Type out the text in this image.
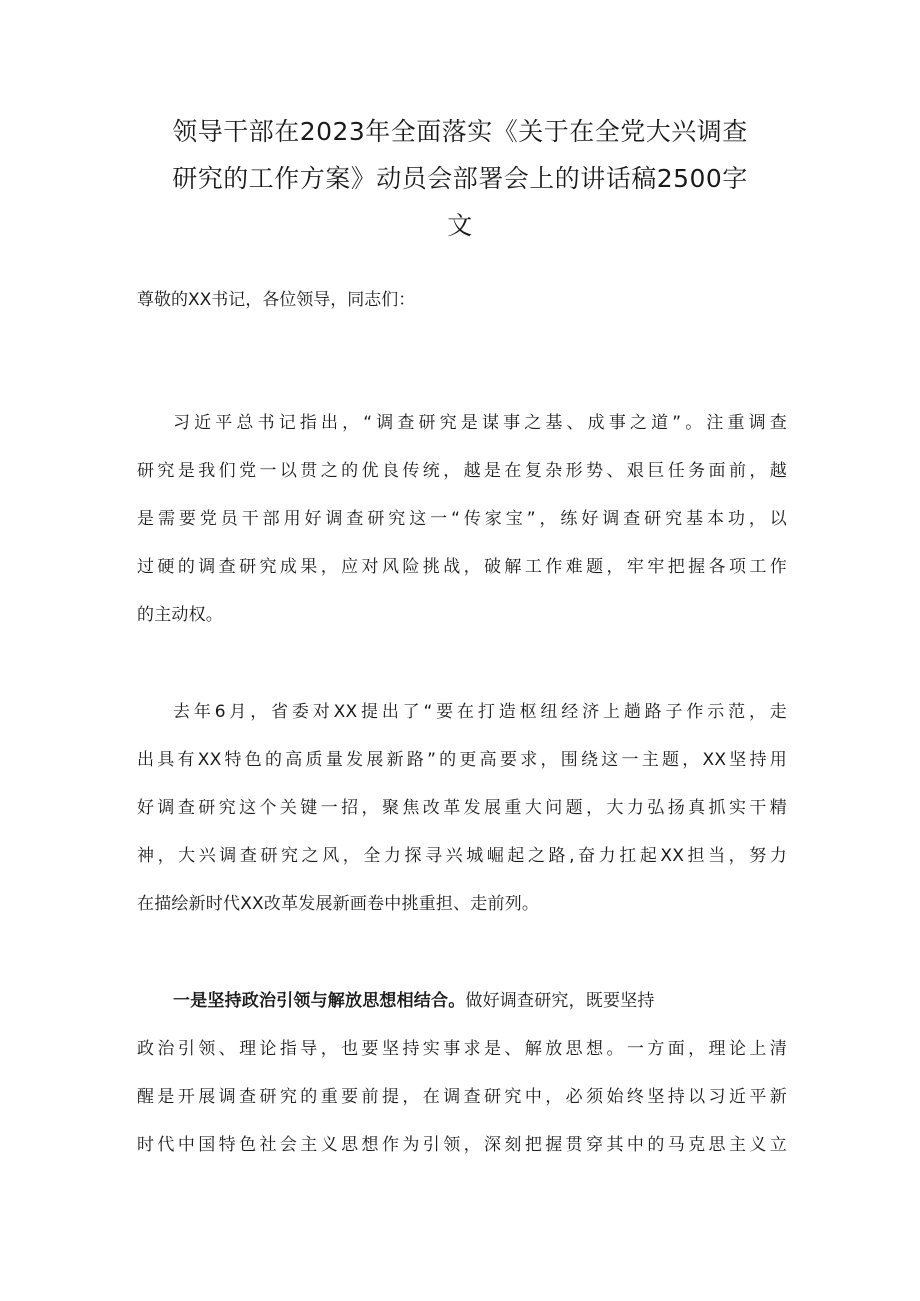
领导干部在2023年全面落实《关于在全党大兴调查
研究的工作方案》动员会部署会上的讲话稿2500字
文
尊敬的XX书记，各位领导，同志们：
习近平总书记指出，“调查研究是谋事之基、成事之道”。注重调查
研究是我们党一以贯之的优良传统，越是在复杂形势、艰巨任务面前，越
是需要党员干部用好调查研究这一“传家宝”，练好调查研究基本功，以
过硬的调查研究成果，应对风险挑战，破解工作难题，牢牢把握各项工作
的主动权。
去年6月，省委对XX提出了“要在打造枢纽经济上趟路子作示范，走
出具有XX特色的高质量发展新路”的更高要求，围绕这一主题，XX坚持用
好调查研究这个关键一招，聚焦改革发展重大问题，大力弘扬真抓实干精
神，大兴调查研究之风，全力探寻兴城崛起之路,奋力扛起XX担当，努力
在描绘新时代XX改革发展新画卷中挑重担、走前列。
一是坚持政治引领与解放思想相结合。做好调查研究，既要坚持
政治引领、理论指导，也要坚持实事求是、解放思想。一方面，理论上清
醒是开展调查研究的重要前提，在调查研究中，必须始终坚持以习近平新
时代中国特色社会主义思想作为引领，深刻把握贯穿其中的马克思主义立
